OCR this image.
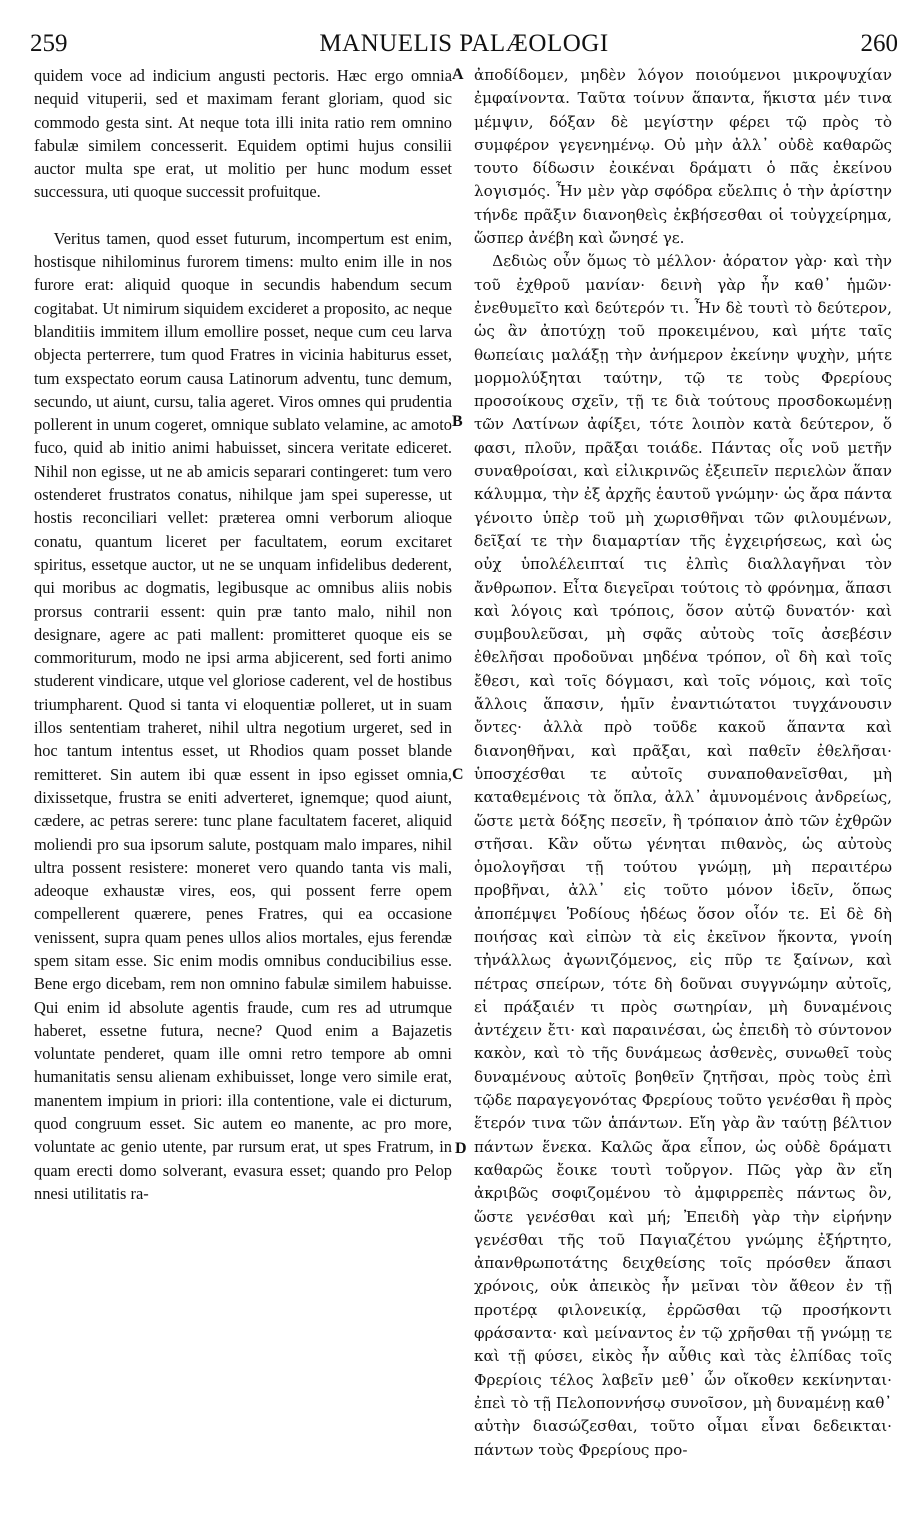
259	MANUELIS PALÆOLOGI	260

quidem voce ad indicium angusti pectoris. Hæc ergo omnia nequid vituperii, sed et maximam ferant gloriam, quod sic commodo gesta sint. At neque tota illi inita ratio rem omnino fabulæ similem concesserit. Equidem optimi hujus consilii auctor multa spe erat, ut molitio per hunc modum esset successura, uti quoque successit profuitque.

Veritus tamen, quod esset futurum, incompertum est enim, hostisque nihilominus furorem timens: multo enim ille in nos furore erat: aliquid quoque in secundis habendum secum cogitabat. Ut nimirum siquidem excideret a proposito, ac neque blanditiis immitem illum emollire posset, neque cum ceu larva objecta perterrere, tum quod Fratres in vicinia habiturus esset, tum exspectato eorum causa Latinorum adventu, tunc demum, secundo, ut aiunt, cursu, talia ageret. Viros omnes qui prudentia pollerent in unum cogeret, omnique sublato velamine, ac amoto fuco, quid ab initio animi habuisset, sincera veritate ediceret. Nihil non egisse, ut ne ab amicis separari contingeret: tum vero ostenderet frustratos conatus, nihilque jam spei superesse, ut hostis reconciliari vellet: præterea omni verborum alioque conatu, quantum liceret per facultatem, eorum excitaret spiritus, essetque auctor, ut ne se unquam infidelibus dederent, qui moribus ac dogmatis, legibusque ac omnibus aliis nobis prorsus contrarii essent: quin præ tanto malo, nihil non designare, agere ac pati mallent: promitteret quoque eis se commoriturum, modo ne ipsi arma abjicerent, sed forti animo studerent vindicare, utque vel gloriose caderent, vel de hostibus triumpharent. Quod si tanta vi eloquentiæ polleret, ut in suam illos sententiam traheret, nihil ultra negotium urgeret, sed in hoc tantum intentus esset, ut Rhodios quam posset blande remitteret. Sin autem ibi quæ essent in ipso egisset omnia, dixissetque, frustra se eniti adverteret, ignemque; quod aiunt, cædere, ac petras serere: tunc plane facultatem faceret, aliquid moliendi pro sua ipsorum salute, postquam malo impares, nihil ultra possent resistere: moneret vero quando tanta vis mali, adeoque exhaustæ vires, eos, qui possent ferre opem compellerent quærere, penes Fratres, qui ea occasione venissent, supra quam penes ullos alios mortales, ejus ferendæ spem sitam esse. Sic enim modis omnibus conducibilius esse. Bene ergo dicebam, rem non omnino fabulæ similem habuisse. Qui enim id absolute agentis fraude, cum res ad utrumque haberet, essetne futura, necne? Quod enim a Bajazetis voluntate penderet, quam ille omni retro tempore ab omni humanitatis sensu alienam exhibuisset, longe vero simile erat, manentem impium in priori: illa contentione, vale ei dicturum, quod congruum esset. Sic autem eo manente, ac pro more, voluntate ac genio utente, par rursum erat, ut spes Fratrum, in quam erecti domo solverant, evasura esset; quando pro Pelop nnesi utilitatis ra-

A
B
C
D

ἀποδίδομεν, μηδὲν λόγον ποιούμενοι μικροψυχίαν ἐμφαίνοντα. Ταῦτα τοίνυν ἅπαντα, ἥκιστα μέν τινα μέμψιν, δόξαν δὲ μεγίστην φέρει τῷ πρὸς τὸ συμφέρον γεγενημένῳ. Οὐ μὴν ἀλλ᾽ οὐδὲ καθαρῶς τουτο δίδωσιν ἐοικέναι δράματι ὁ πᾶς ἐκείνου λογισμός. Ἦν μὲν γὰρ σφόδρα εὔελπις ὁ τὴν ἀρίστην τήνδε πρᾶξιν διανοηθεὶς ἐκβήσεσθαι οἱ τοὐγχείρημα, ὥσπερ ἀνέβη καὶ ὤνησέ γε.

Δεδιὼς οὖν ὅμως τὸ μέλλον· ἀόρατον γὰρ· καὶ τὴν τοῦ ἐχθροῦ μανίαν· δεινὴ γὰρ ἦν καθ᾽ ἡμῶν· ἐνεθυμεῖτο καὶ δεύτερόν τι. Ἦν δὲ τουτὶ τὸ δεύτερον, ὡς ἂν ἀποτύχῃ τοῦ προκειμένου, καὶ μήτε ταῖς θωπείαις μαλάξῃ τὴν ἀνήμερον ἐκείνην ψυχὴν, μήτε μορμολύξηται ταύτην, τῷ τε τοὺς Φρερίους προσοίκους σχεῖν, τῇ τε διὰ τούτους προσδοκωμένῃ τῶν Λατίνων ἀφίξει, τότε λοιπὸν κατὰ δεύτερον, ὅ φασι, πλοῦν, πρᾶξαι τοιάδε. Πάντας οἷς νοῦ μετῆν συναθροίσαι, καὶ εἰλικρινῶς ἐξειπεῖν περιελὼν ἅπαν κάλυμμα, τὴν ἐξ ἀρχῆς ἑαυτοῦ γνώμην· ὡς ἄρα πάντα γένοιτο ὑπὲρ τοῦ μὴ χωρισθῆναι τῶν φιλουμένων, δεῖξαί τε τὴν διαμαρτίαν τῆς ἐγχειρήσεως, καὶ ὡς οὐχ ὑπολέλειπταί τις ἐλπὶς διαλλαγῆναι τὸν ἄνθρωπον. Εἶτα διεγεῖραι τούτοις τὸ φρόνημα, ἅπασι καὶ λόγοις καὶ τρόποις, ὅσον αὐτῷ δυνατόν· καὶ συμβουλεῦσαι, μὴ σφᾶς αὐτοὺς τοῖς ἀσεβέσιν ἐθελῆσαι προδοῦναι μηδένα τρόπον, οἳ δὴ καὶ τοῖς ἔθεσι, καὶ τοῖς δόγμασι, καὶ τοῖς νόμοις, καὶ τοῖς ἄλλοις ἅπασιν, ἡμῖν ἐναντιώτατοι τυγχάνουσιν ὄντες· ἀλλὰ πρὸ τοῦδε κακοῦ ἅπαντα καὶ διανοηθῆναι, καὶ πρᾶξαι, καὶ παθεῖν ἐθελῆσαι· ὑποσχέσθαι τε αὐτοῖς συναποθανεῖσθαι, μὴ καταθεμένοις τὰ ὅπλα, ἀλλ᾽ ἀμυνομένοις ἀνδρείως, ὥστε μετὰ δόξης πεσεῖν, ἢ τρόπαιον ἀπὸ τῶν ἐχθρῶν στῆσαι. Κἂν οὕτω γένηται πιθανὸς, ὡς αὐτοὺς ὁμολογῆσαι τῇ τούτου γνώμῃ, μὴ περαιτέρω προβῆναι, ἀλλ᾽ εἰς τοῦτο μόνον ἰδεῖν, ὅπως ἀποπέμψει Ῥοδίους ἡδέως ὅσον οἷόν τε. Εἰ δὲ δὴ ποιήσας καὶ εἰπὼν τὰ εἰς ἐκεῖνον ἥκοντα, γνοίη τἠνάλλως ἀγωνιζόμενος, εἰς πῦρ τε ξαίνων, καὶ πέτρας σπείρων, τότε δὴ δοῦναι συγγνώμην αὐτοῖς, εἰ πράξαιέν τι πρὸς σωτηρίαν, μὴ δυναμένοις ἀντέχειν ἔτι· καὶ παραινέσαι, ὡς ἐπειδὴ τὸ σύντονον κακὸν, καὶ τὸ τῆς δυνάμεως ἀσθενὲς, συνωθεῖ τοὺς δυναμένους αὐτοῖς βοηθεῖν ζητῆσαι, πρὸς τοὺς ἐπὶ τῷδε παραγεγονότας Φρερίους τοῦτο γενέσθαι ἢ πρὸς ἕτερόν τινα τῶν ἁπάντων. Εἴη γὰρ ἂν ταύτῃ βέλτιον πάντων ἕνεκα. Καλῶς ἄρα εἶπον, ὡς οὐδὲ δράματι καθαρῶς ἔοικε τουτὶ τοὔργον. Πῶς γὰρ ἂν εἴη ἀκριβῶς σοφιζομένου τὸ ἀμφιρρεπὲς πάντως ὂν, ὥστε γενέσθαι καὶ μή; Ἐπειδὴ γὰρ τὴν εἰρήνην γενέσθαι τῆς τοῦ Παγιαζέτου γνώμης ἐξήρτητο, ἀπανθρωποτάτης δειχθείσης τοῖς πρόσθεν ἅπασι χρόνοις, οὐκ ἀπεικὸς ἦν μεῖναι τὸν ἄθεον ἐν τῇ προτέρᾳ φιλονεικίᾳ, ἐρρῶσθαι τῷ προσήκοντι φράσαντα· καὶ μείναντος ἐν τῷ χρῆσθαι τῇ γνώμῃ τε καὶ τῇ φύσει, εἰκὸς ἦν αὖθις καὶ τὰς ἐλπίδας τοῖς Φρερίοις τέλος λαβεῖν μεθ᾽ ὧν οἴκοθεν κεκίνηνται· ἐπεὶ τὸ τῇ Πελοποννήσῳ συνοῖσον, μὴ δυναμένῃ καθ᾽ αὑτὴν διασώζεσθαι, τοῦτο οἶμαι εἶναι δεδεικται· πάντων τοὺς Φρερίους προ-
